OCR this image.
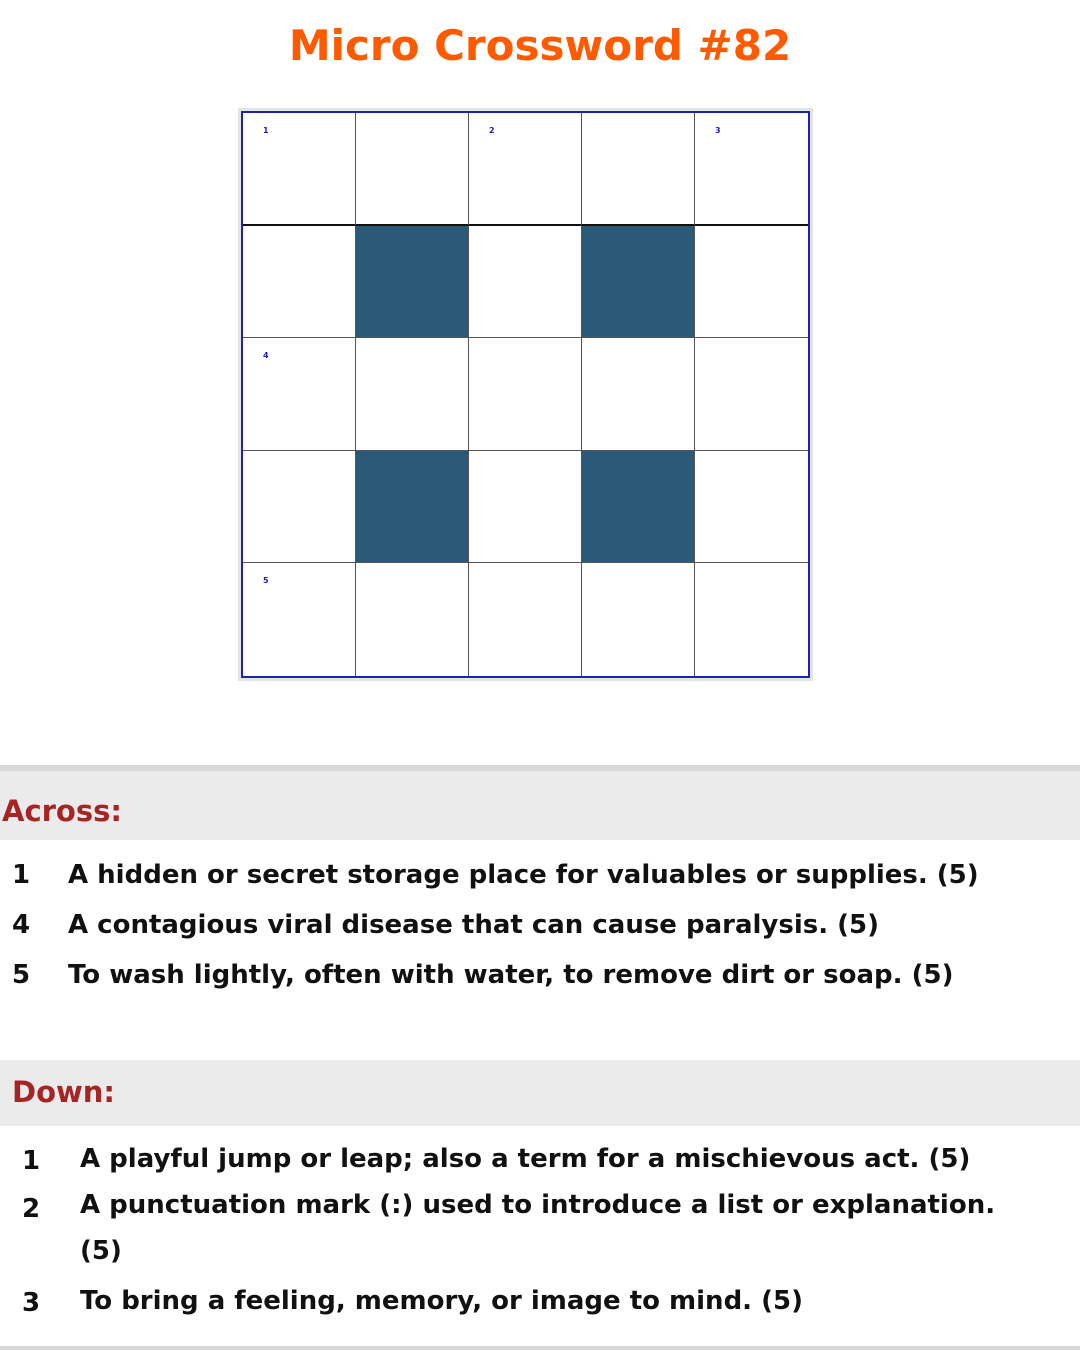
Micro Crossword #82
1	2	3
4
5
Across:
1 A hidden or secret storage place for valuables or supplies. (5)
4 A contagious viral disease that can cause paralysis. (5)
5 To wash lightly, often with water, to remove dirt or soap. (5)
Down:
1 A playful jump or leap; also a term for a mischievous act. (5)
2 A punctuation mark (:) used to introduce a list or explanation. (5)
3 To bring a feeling, memory, or image to mind. (5)
